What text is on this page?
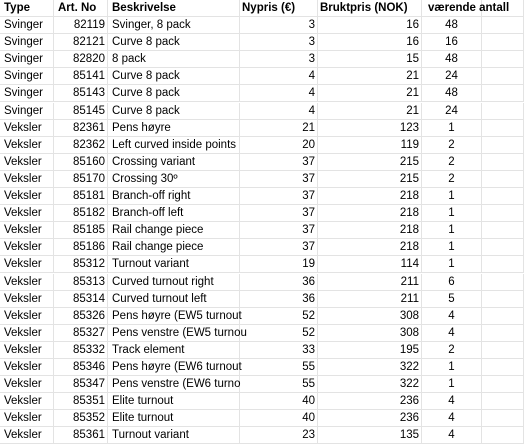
Type	Art. No	Beskrivelse	Nypris (€)	Bruktpris (NOK)	værende antall
Svinger	82119 Svinger, 8 pack	3	16	48
Svinger	82121 Curve 8 pack	3	16	16
Svinger	82820 8 pack	3	15	48
Svinger	85141 Curve 8 pack	4	21	24
Svinger	85143 Curve 8 pack	4	21	48
Svinger	85145 Curve 8 pack	4	21	24
Veksler	82361 Pens høyre	21	123	1
Veksler	82362 Left curved inside points	20	119	2
Veksler	85160 Crossing variant	37	215	2
Veksler	85170 Crossing 30º	37	215	2
Veksler	85181 Branch-off right	37	218	1
Veksler	85182 Branch-off left	37	218	1
Veksler	85185 Rail change piece	37	218	1
Veksler	85186 Rail change piece	37	218	1
Veksler	85312 Turnout variant	19	114	1
Veksler	85313 Curved turnout right	36	211	6
Veksler	85314 Curved turnout left	36	211	5
Veksler	85326 Pens høyre (EW5 turnout	52	308	4
Veksler	85327 Pens venstre (EW5 turnou	52	308	4
Veksler	85332 Track element	33	195	2
Veksler	85346 Pens høyre (EW6 turnout	55	322	1
Veksler	85347 Pens venstre (EW6 turno	55	322	1
Veksler	85351 Elite turnout	40	236	4
Veksler	85352 Elite turnout	40	236	4
Veksler	85361 Turnout variant	23	135	4
